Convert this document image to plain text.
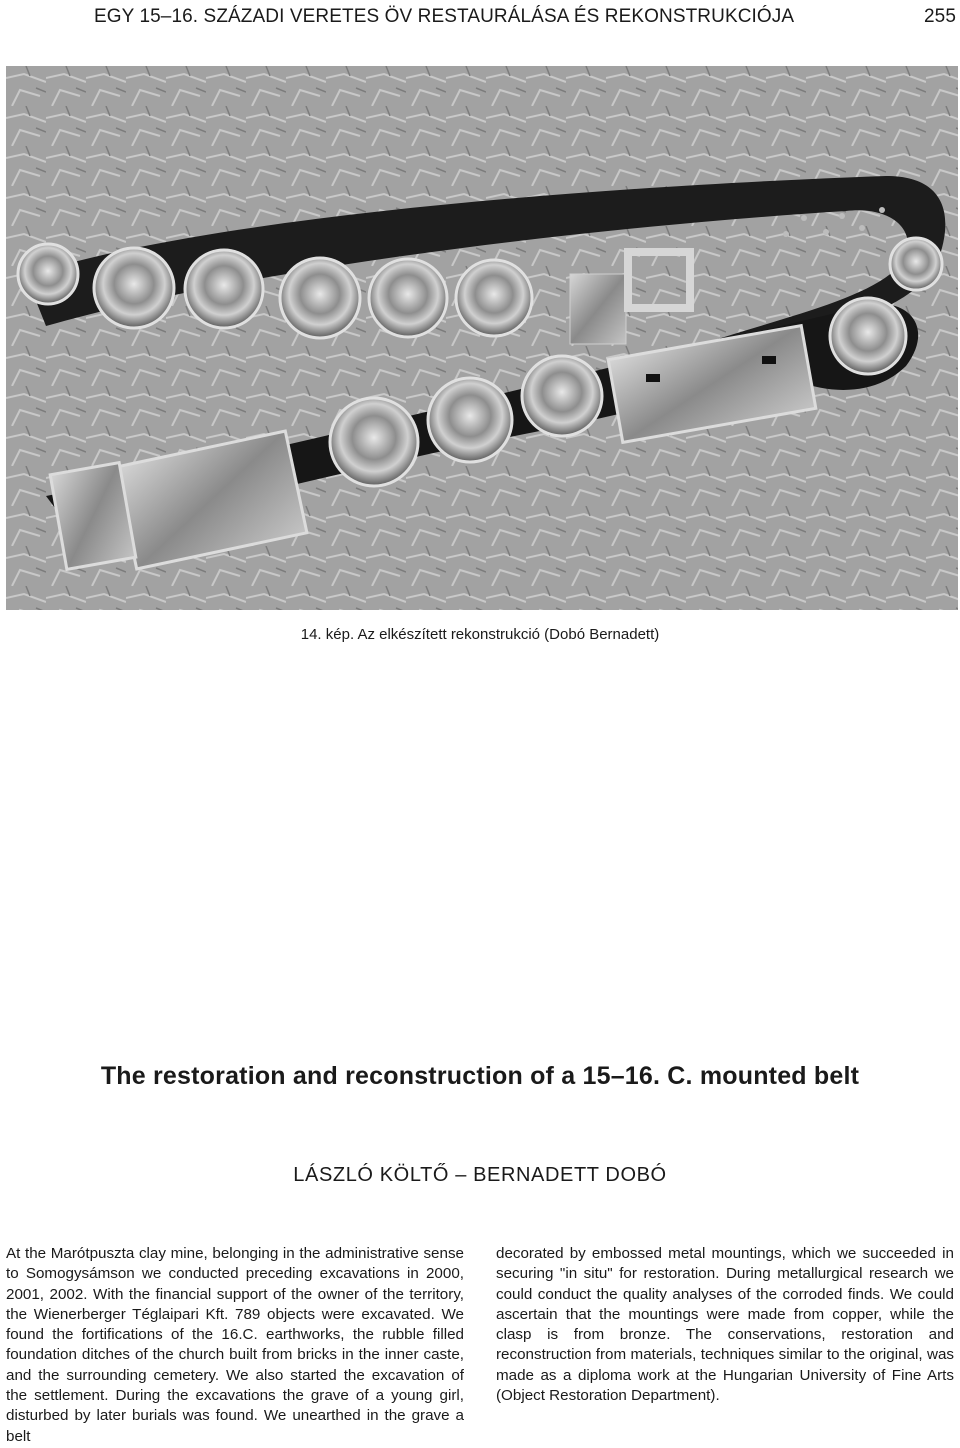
EGY 15–16. SZÁZADI VERETES ÖV RESTAURÁLÁSA ÉS REKONSTRUKCIÓJA	255
14. kép. Az elkészített rekonstrukció (Dobó Bernadett)
The restoration and reconstruction of a 15–16. C. mounted belt
LÁSZLÓ KÖLTŐ – BERNADETT DOBÓ

At the Marótpuszta clay mine, belonging in the administrative sense to Somogysámson we conducted preceding excavations in 2000, 2001, 2002. With the financial support of the owner of the territory, the Wienerberger Téglaipari Kft. 789 objects were excavated. We found the fortifications of the 16.C. earthworks, the rubble filled foundation ditches of the church built from bricks in the inner caste, and the surrounding cemetery. We also started the excavation of the settlement. During the excavations the grave of a young girl, disturbed by later burials was found. We unearthed in the grave a belt

decorated by embossed metal mountings, which we succeeded in securing "in situ" for restoration. During metallurgical research we could conduct the quality analyses of the corroded finds. We could ascertain that the mountings were made from copper, while the clasp is from bronze. The conservations, restoration and reconstruction from materials, techniques similar to the original, was made as a diploma work at the Hungarian University of Fine Arts (Object Restoration Department).
